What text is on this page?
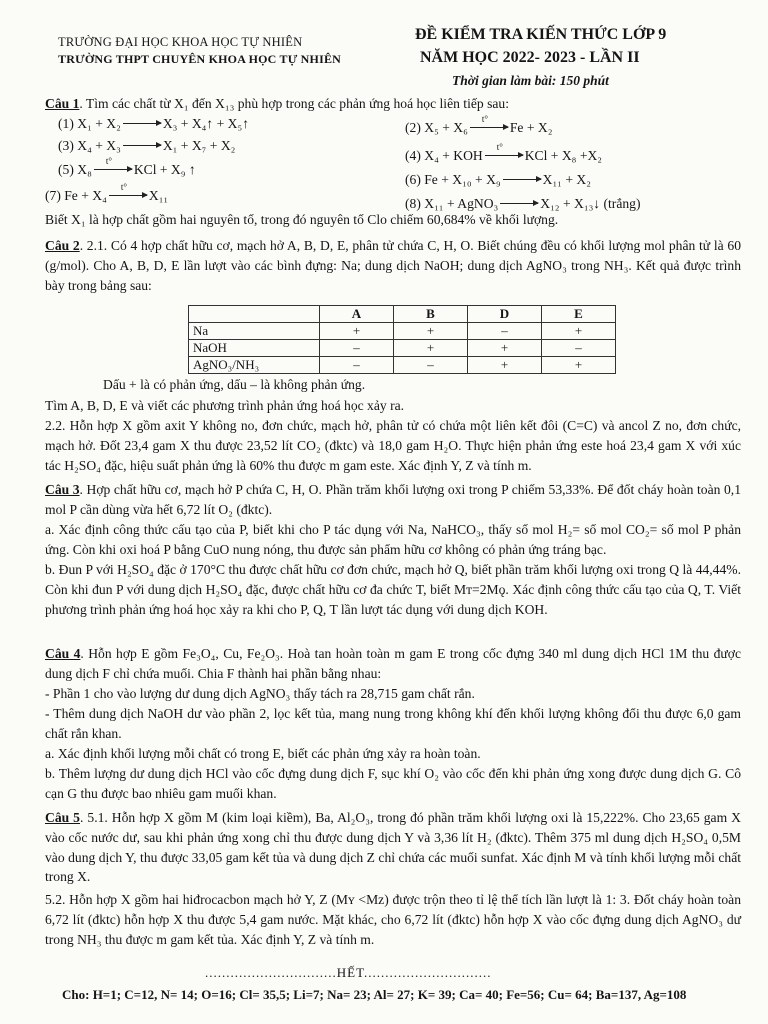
TRƯỜNG ĐẠI HỌC KHOA HỌC TỰ NHIÊN
TRƯỜNG THPT CHUYÊN KHOA HỌC TỰ NHIÊN
ĐỀ KIỂM TRA KIẾN THỨC LỚP 9
NĂM HỌC 2022- 2023 - LẦN II
Thời gian làm bài: 150 phút
Câu 1. Tìm các chất từ X₁ đến X₁₃ phù hợp trong các phản ứng hoá học liên tiếp sau:
(1) X₁ + X₂ → X₃ + X₄↑ + X₅↑	(2) X₅ + X₆
t°
Fe + X₂
(3) X₄ + X₃ → X₁ + X₇ + X₂
(4) X₄ + KOH
t°
KCl + X₈ +X₂
(5) X₈
t°
KCl + X₉ ↑
(6) Fe + X₁₀ + X₉ → X₁₁ + X₂
(7) Fe + X₄
t°
X₁₁
(8) X₁₁ + AgNO₃ → X₁₂ + X₁₃↓ (trắng)
Biết X₁ là hợp chất gồm hai nguyên tố, trong đó nguyên tố Clo chiếm 60,684% về khối lượng.
Câu 2. 2.1. Có 4 hợp chất hữu cơ, mạch hở A, B, D, E, phân tử chứa C, H, O. Biết chúng đều có khối lượng mol phân tử là 60 (g/mol). Cho A, B, D, E lần lượt vào các bình đựng: Na; dung dịch NaOH; dung dịch AgNO₃ trong NH₃. Kết quả được trình bày trong bảng sau:
	A	B	D	E
Na	+	+	–	+
NaOH	–	+	+	–
AgNO₃/NH₃	–	–	+	+
Dấu + là có phản ứng, dấu – là không phản ứng.
Tìm A, B, D, E và viết các phương trình phản ứng hoá học xảy ra.
2.2. Hỗn hợp X gồm axit Y không no, đơn chức, mạch hở, phân tử có chứa một liên kết đôi (C=C) và ancol Z no, đơn chức, mạch hở. Đốt 23,4 gam X thu được 23,52 lít CO₂ (đktc) và 18,0 gam H₂O. Thực hiện phản ứng este hoá 23,4 gam X với xúc tác H₂SO₄ đặc, hiệu suất phản ứng là 60% thu được m gam este. Xác định Y, Z và tính m.
Câu 3. Hợp chất hữu cơ, mạch hở P chứa C, H, O. Phần trăm khối lượng oxi trong P chiếm 53,33%. Để đốt cháy hoàn toàn 0,1 mol P cần dùng vừa hết 6,72 lít O₂ (đktc).
a. Xác định công thức cấu tạo của P, biết khi cho P tác dụng với Na, NaHCO₃, thấy số mol H₂= số mol CO₂= số mol P phản ứng. Còn khi oxi hoá P bằng CuO nung nóng, thu được sản phẩm hữu cơ không có phản ứng tráng bạc.
b. Đun P với H₂SO₄ đặc ở 170°C thu được chất hữu cơ đơn chức, mạch hở Q, biết phần trăm khối lượng oxi trong Q là 44,44%. Còn khi đun P với dung dịch H₂SO₄ đặc, được chất hữu cơ đa chức T, biết Mᴛ=2Mǫ. Xác định công thức cấu tạo của Q, T. Viết phương trình phản ứng hoá học xảy ra khi cho P, Q, T lần lượt tác dụng với dung dịch KOH.
Câu 4. Hỗn hợp E gồm Fe₃O₄, Cu, Fe₂O₃. Hoà tan hoàn toàn m gam E trong cốc đựng 340 ml dung dịch HCl 1M thu được dung dịch F chỉ chứa muối. Chia F thành hai phần bằng nhau:
- Phần 1 cho vào lượng dư dung dịch AgNO₃ thấy tách ra 28,715 gam chất rắn.
- Thêm dung dịch NaOH dư vào phần 2, lọc kết tủa, mang nung trong không khí đến khối lượng không đổi thu được 6,0 gam chất rắn khan.
a. Xác định khối lượng mỗi chất có trong E, biết các phản ứng xảy ra hoàn toàn.
b. Thêm lượng dư dung dịch HCl vào cốc đựng dung dịch F, sục khí O₂ vào cốc đến khi phản ứng xong được dung dịch G. Cô cạn G thu được bao nhiêu gam muối khan.
Câu 5. 5.1. Hỗn hợp X gồm M (kim loại kiềm), Ba, Al₂O₃, trong đó phần trăm khối lượng oxi là 15,222%. Cho 23,65 gam X vào cốc nước dư, sau khi phản ứng xong chỉ thu được dung dịch Y và 3,36 lít H₂ (đktc). Thêm 375 ml dung dịch H₂SO₄ 0,5M vào dung dịch Y, thu được 33,05 gam kết tủa và dung dịch Z chỉ chứa các muối sunfat. Xác định M và tính khối lượng mỗi chất trong X.
5.2. Hỗn hợp X gồm hai hiđrocacbon mạch hở Y, Z (Mʏ <Mᴢ) được trộn theo tỉ lệ thể tích lần lượt là 1: 3. Đốt cháy hoàn toàn 6,72 lít (đktc) hỗn hợp X thu được 5,4 gam nước. Mặt khác, cho 6,72 lít (đktc) hỗn hợp X vào cốc đựng dung dịch AgNO₃ dư trong NH₃ thu được m gam kết tủa. Xác định Y, Z và tính m.
...............................HẾT..............................
Cho: H=1; C=12, N= 14; O=16; Cl= 35,5; Li=7; Na= 23; Al= 27; K= 39; Ca= 40; Fe=56; Cu= 64; Ba=137, Ag=108
